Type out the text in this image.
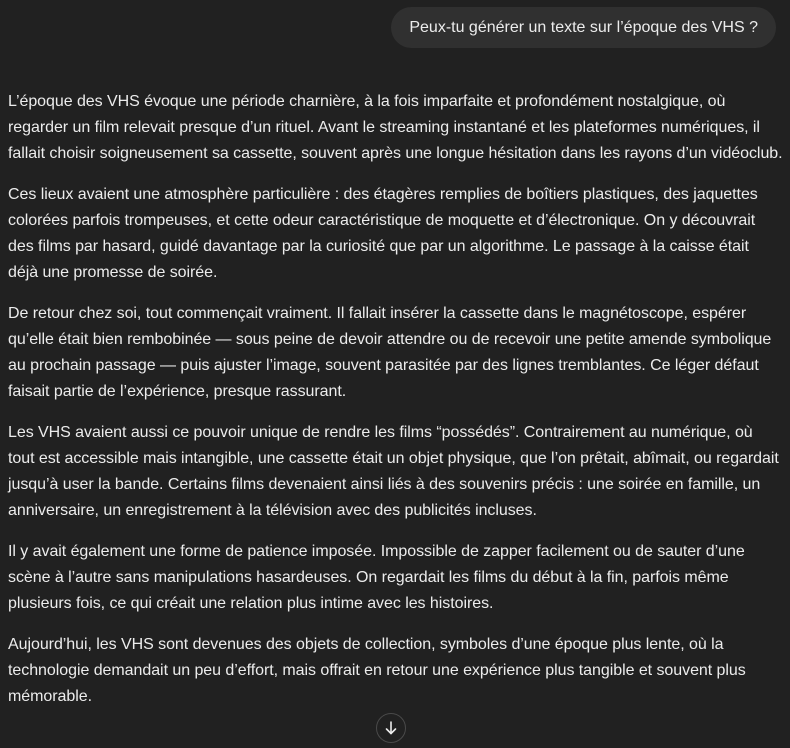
Peux-tu générer un texte sur l’époque des VHS ?

L’époque des VHS évoque une période charnière, à la fois imparfaite et profondément nostalgique, où regarder un film relevait presque d’un rituel. Avant le streaming instantané et les plateformes numériques, il fallait choisir soigneusement sa cassette, souvent après une longue hésitation dans les rayons d’un vidéoclub.

Ces lieux avaient une atmosphère particulière : des étagères remplies de boîtiers plastiques, des jaquettes colorées parfois trompeuses, et cette odeur caractéristique de moquette et d’électronique. On y découvrait des films par hasard, guidé davantage par la curiosité que par un algorithme. Le passage à la caisse était déjà une promesse de soirée.

De retour chez soi, tout commençait vraiment. Il fallait insérer la cassette dans le magnétoscope, espérer qu’elle était bien rembobinée — sous peine de devoir attendre ou de recevoir une petite amende symbolique au prochain passage — puis ajuster l’image, souvent parasitée par des lignes tremblantes. Ce léger défaut faisait partie de l’expérience, presque rassurant.

Les VHS avaient aussi ce pouvoir unique de rendre les films “possédés”. Contrairement au numérique, où tout est accessible mais intangible, une cassette était un objet physique, que l’on prêtait, abîmait, ou regardait jusqu’à user la bande. Certains films devenaient ainsi liés à des souvenirs précis : une soirée en famille, un anniversaire, un enregistrement à la télévision avec des publicités incluses.

Il y avait également une forme de patience imposée. Impossible de zapper facilement ou de sauter d’une scène à l’autre sans manipulations hasardeuses. On regardait les films du début à la fin, parfois même plusieurs fois, ce qui créait une relation plus intime avec les histoires.

Aujourd’hui, les VHS sont devenues des objets de collection, symboles d’une époque plus lente, où la technologie demandait un peu d’effort, mais offrait en retour une expérience plus tangible et souvent plus mémorable.
